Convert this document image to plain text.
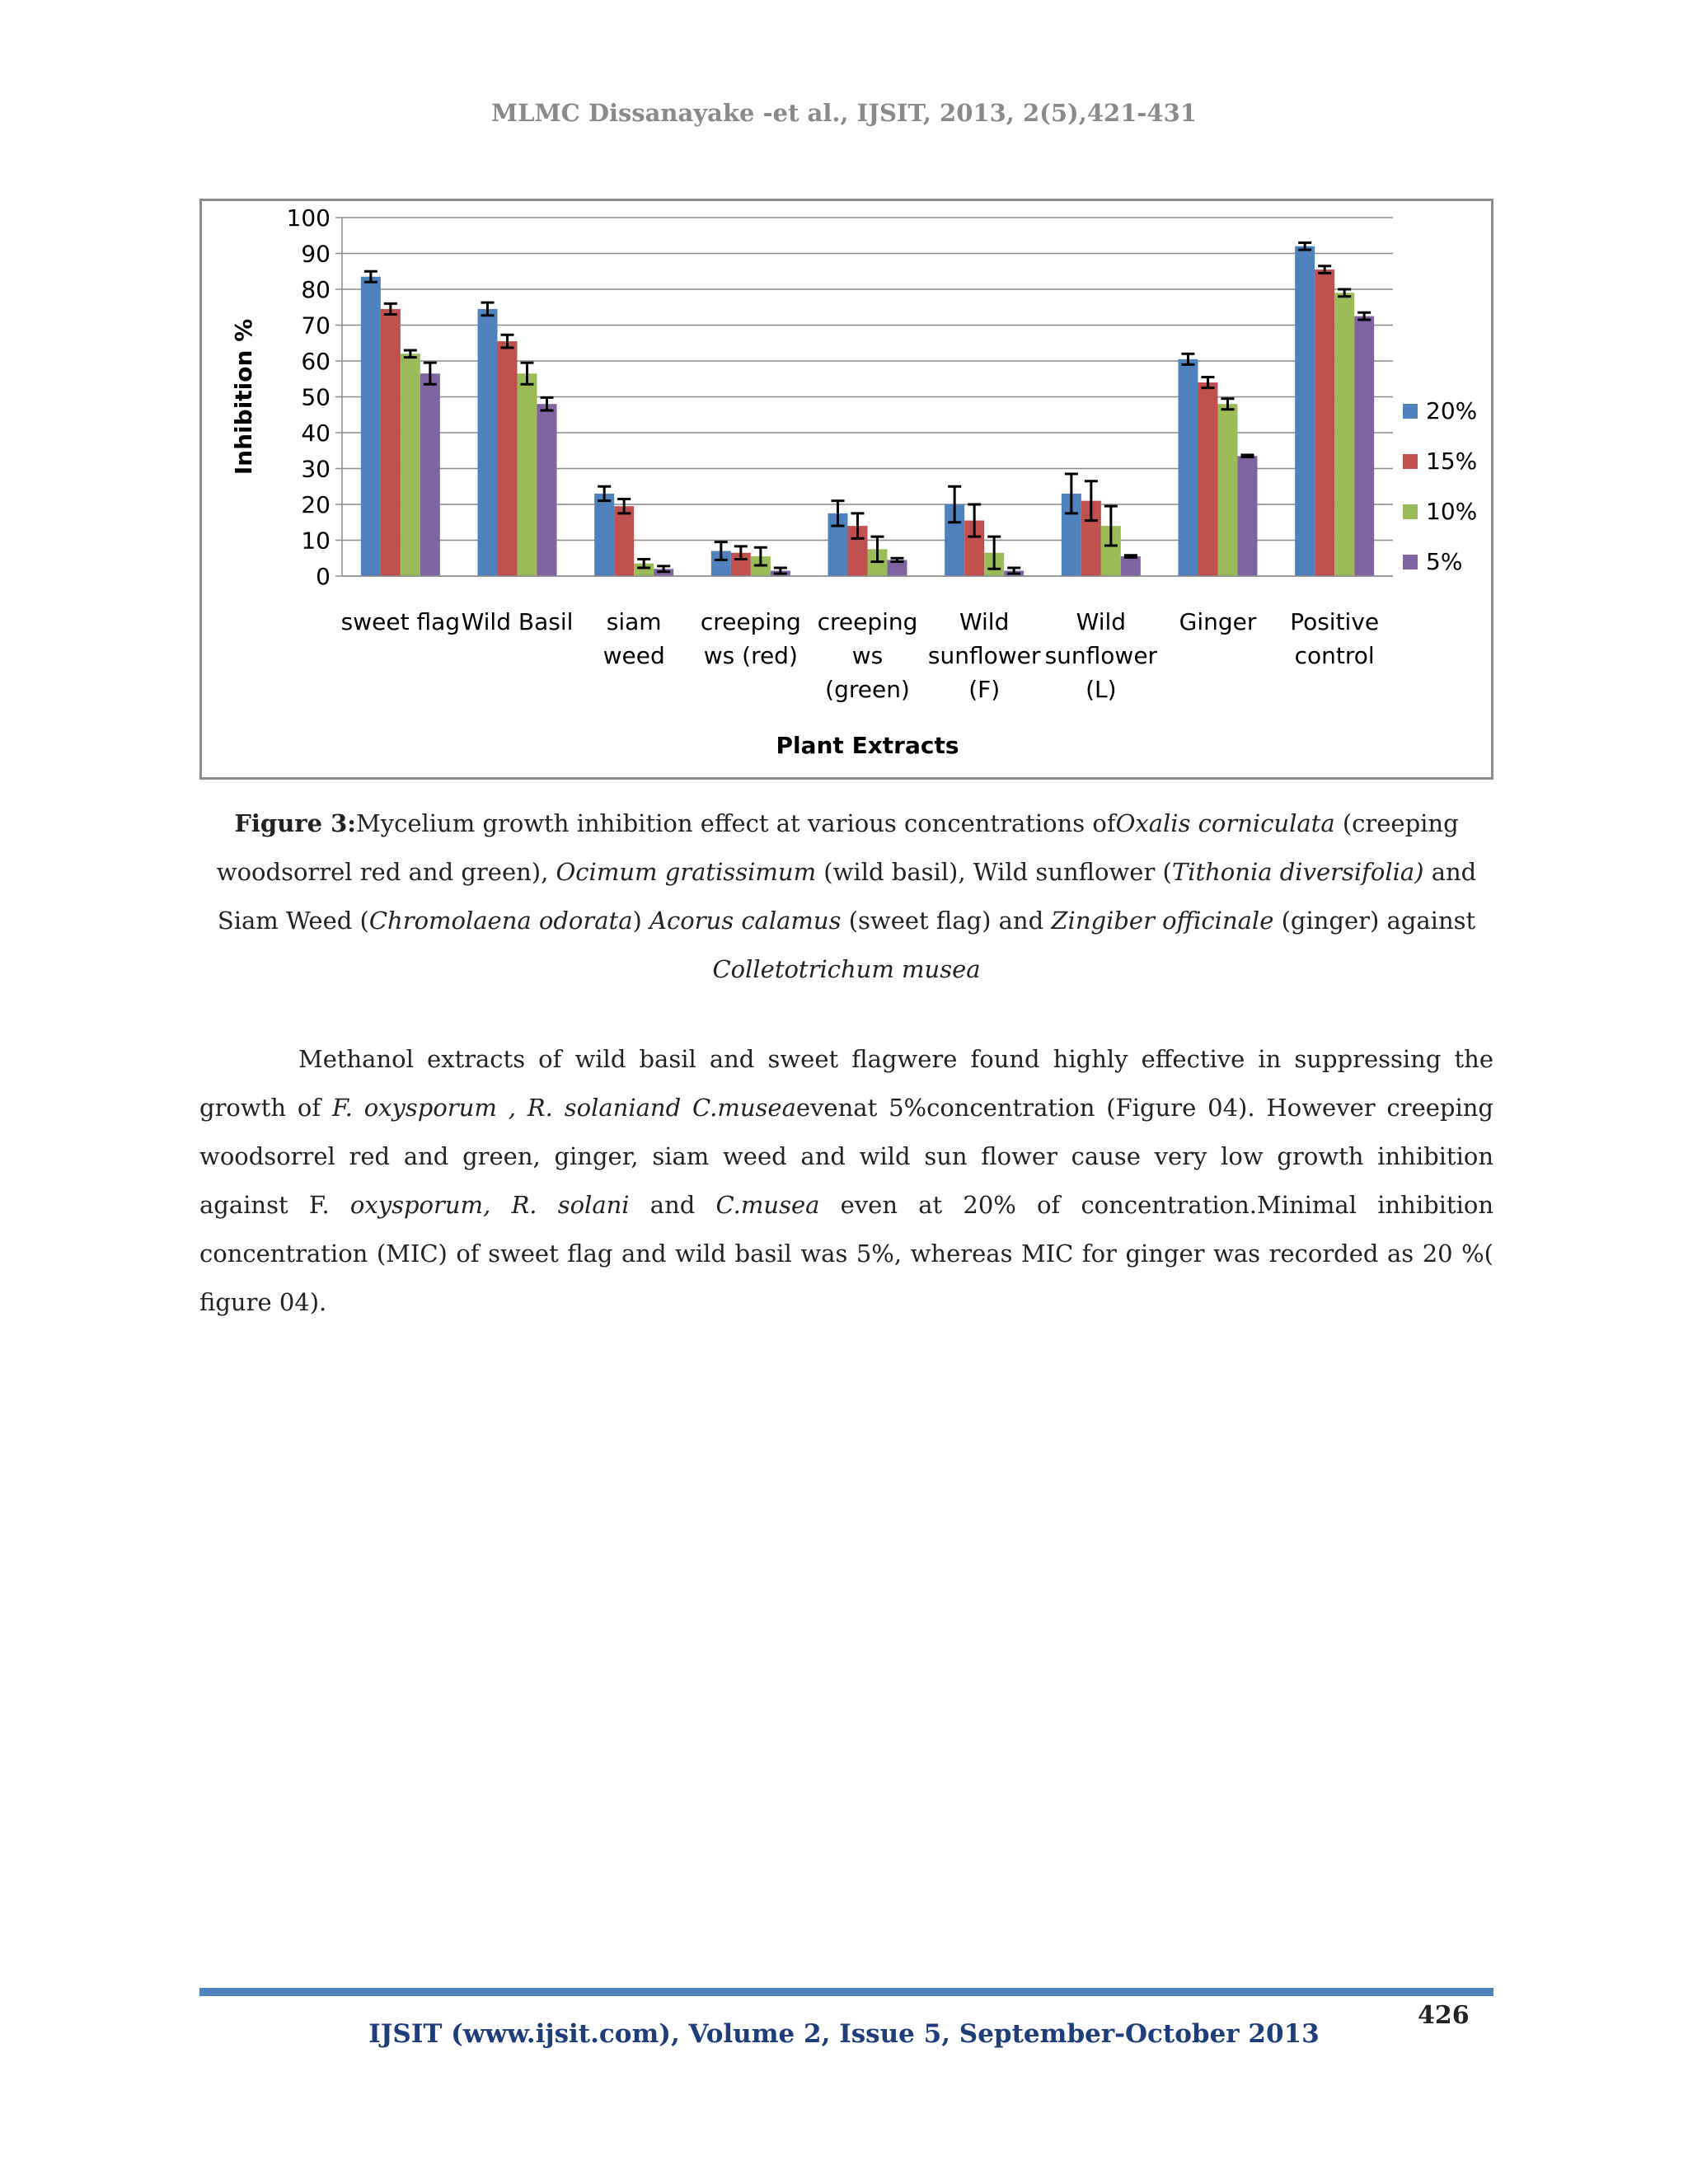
MLMC Dissanayake -et al., IJSIT, 2013, 2(5),421-431
0
10
20
30
40
50
60
70
80
90
100
Inhibition %
sweet flag Wild Basil siam weed
creeping ws (red)
creeping ws (green)
Wild sunflower (F)
Wild sunflower (L)
Ginger Positive control
Plant Extracts
20%
15%
10%
5%
Figure 3:Mycelium growth inhibition effect at various concentrations ofOxalis corniculata (creeping woodsorrel red and green), Ocimum gratissimum (wild basil), Wild sunflower (Tithonia diversifolia) and Siam Weed (Chromolaena odorata) Acorus calamus (sweet flag) and Zingiber officinale (ginger) against
Colletotrichum musea
Methanol extracts of wild basil and sweet flagwere found highly effective in suppressing the growth of F. oxysporum , R. solaniand C.museaevenat 5%concentration (Figure 04). However creeping woodsorrel red and green, ginger, siam weed and wild sun flower cause very low growth inhibition against F. oxysporum, R. solani and C.musea even at 20% of concentration.Minimal inhibition concentration (MIC) of sweet flag and wild basil was 5%, whereas MIC for ginger was recorded as 20 %( figure 04).
426
IJSIT (www.ijsit.com), Volume 2, Issue 5, September-October 2013
